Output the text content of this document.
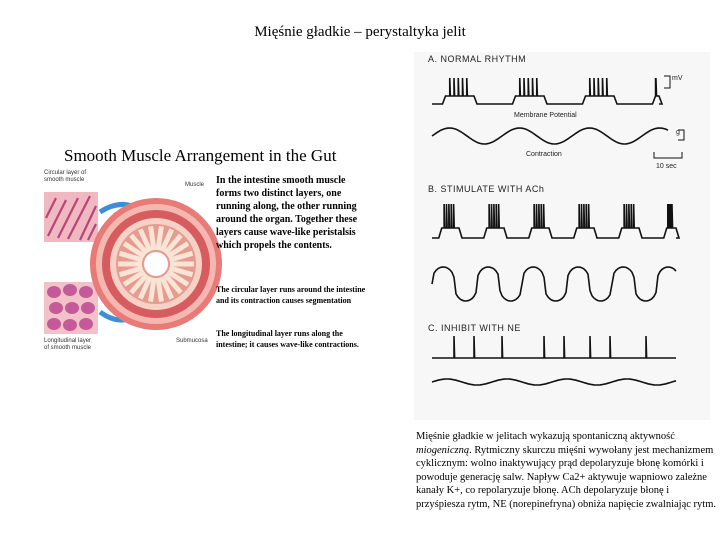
Mięśnie gładkie – perystaltyka jelit
Smooth Muscle Arrangement in the Gut
Circular layer of smooth muscle
Muscle
Longitudinal layer of smooth muscle
Submucosa
In the intestine smooth muscle forms two distinct layers, one running along, the other running around the organ. Together these layers cause wave-like peristalsis which propels the contents.
The circular layer runs around the intestine and its contraction causes segmentation
The longitudinal layer runs along the intestine; it causes wave-like contractions.
A. NORMAL RHYTHM
B. STIMULATE WITH ACh
C. INHIBIT WITH NE
mV
g
Membrane Potential
Contraction
10 sec
Mięśnie gładkie w jelitach wykazują spontaniczną aktywność miogeniczną. Rytmiczny skurczu mięśni wywołany jest mechanizmem cyklicznym: wolno inaktywujący prąd depolaryzuje błonę komórki i powoduje generację salw. Napływ Ca2+ aktywuje wapniowo zależne kanały K+, co repolaryzuje błonę. ACh depolaryzuje błonę i przyśpiesza rytm, NE (norepinefryna) obniża napięcie zwalniając rytm.
